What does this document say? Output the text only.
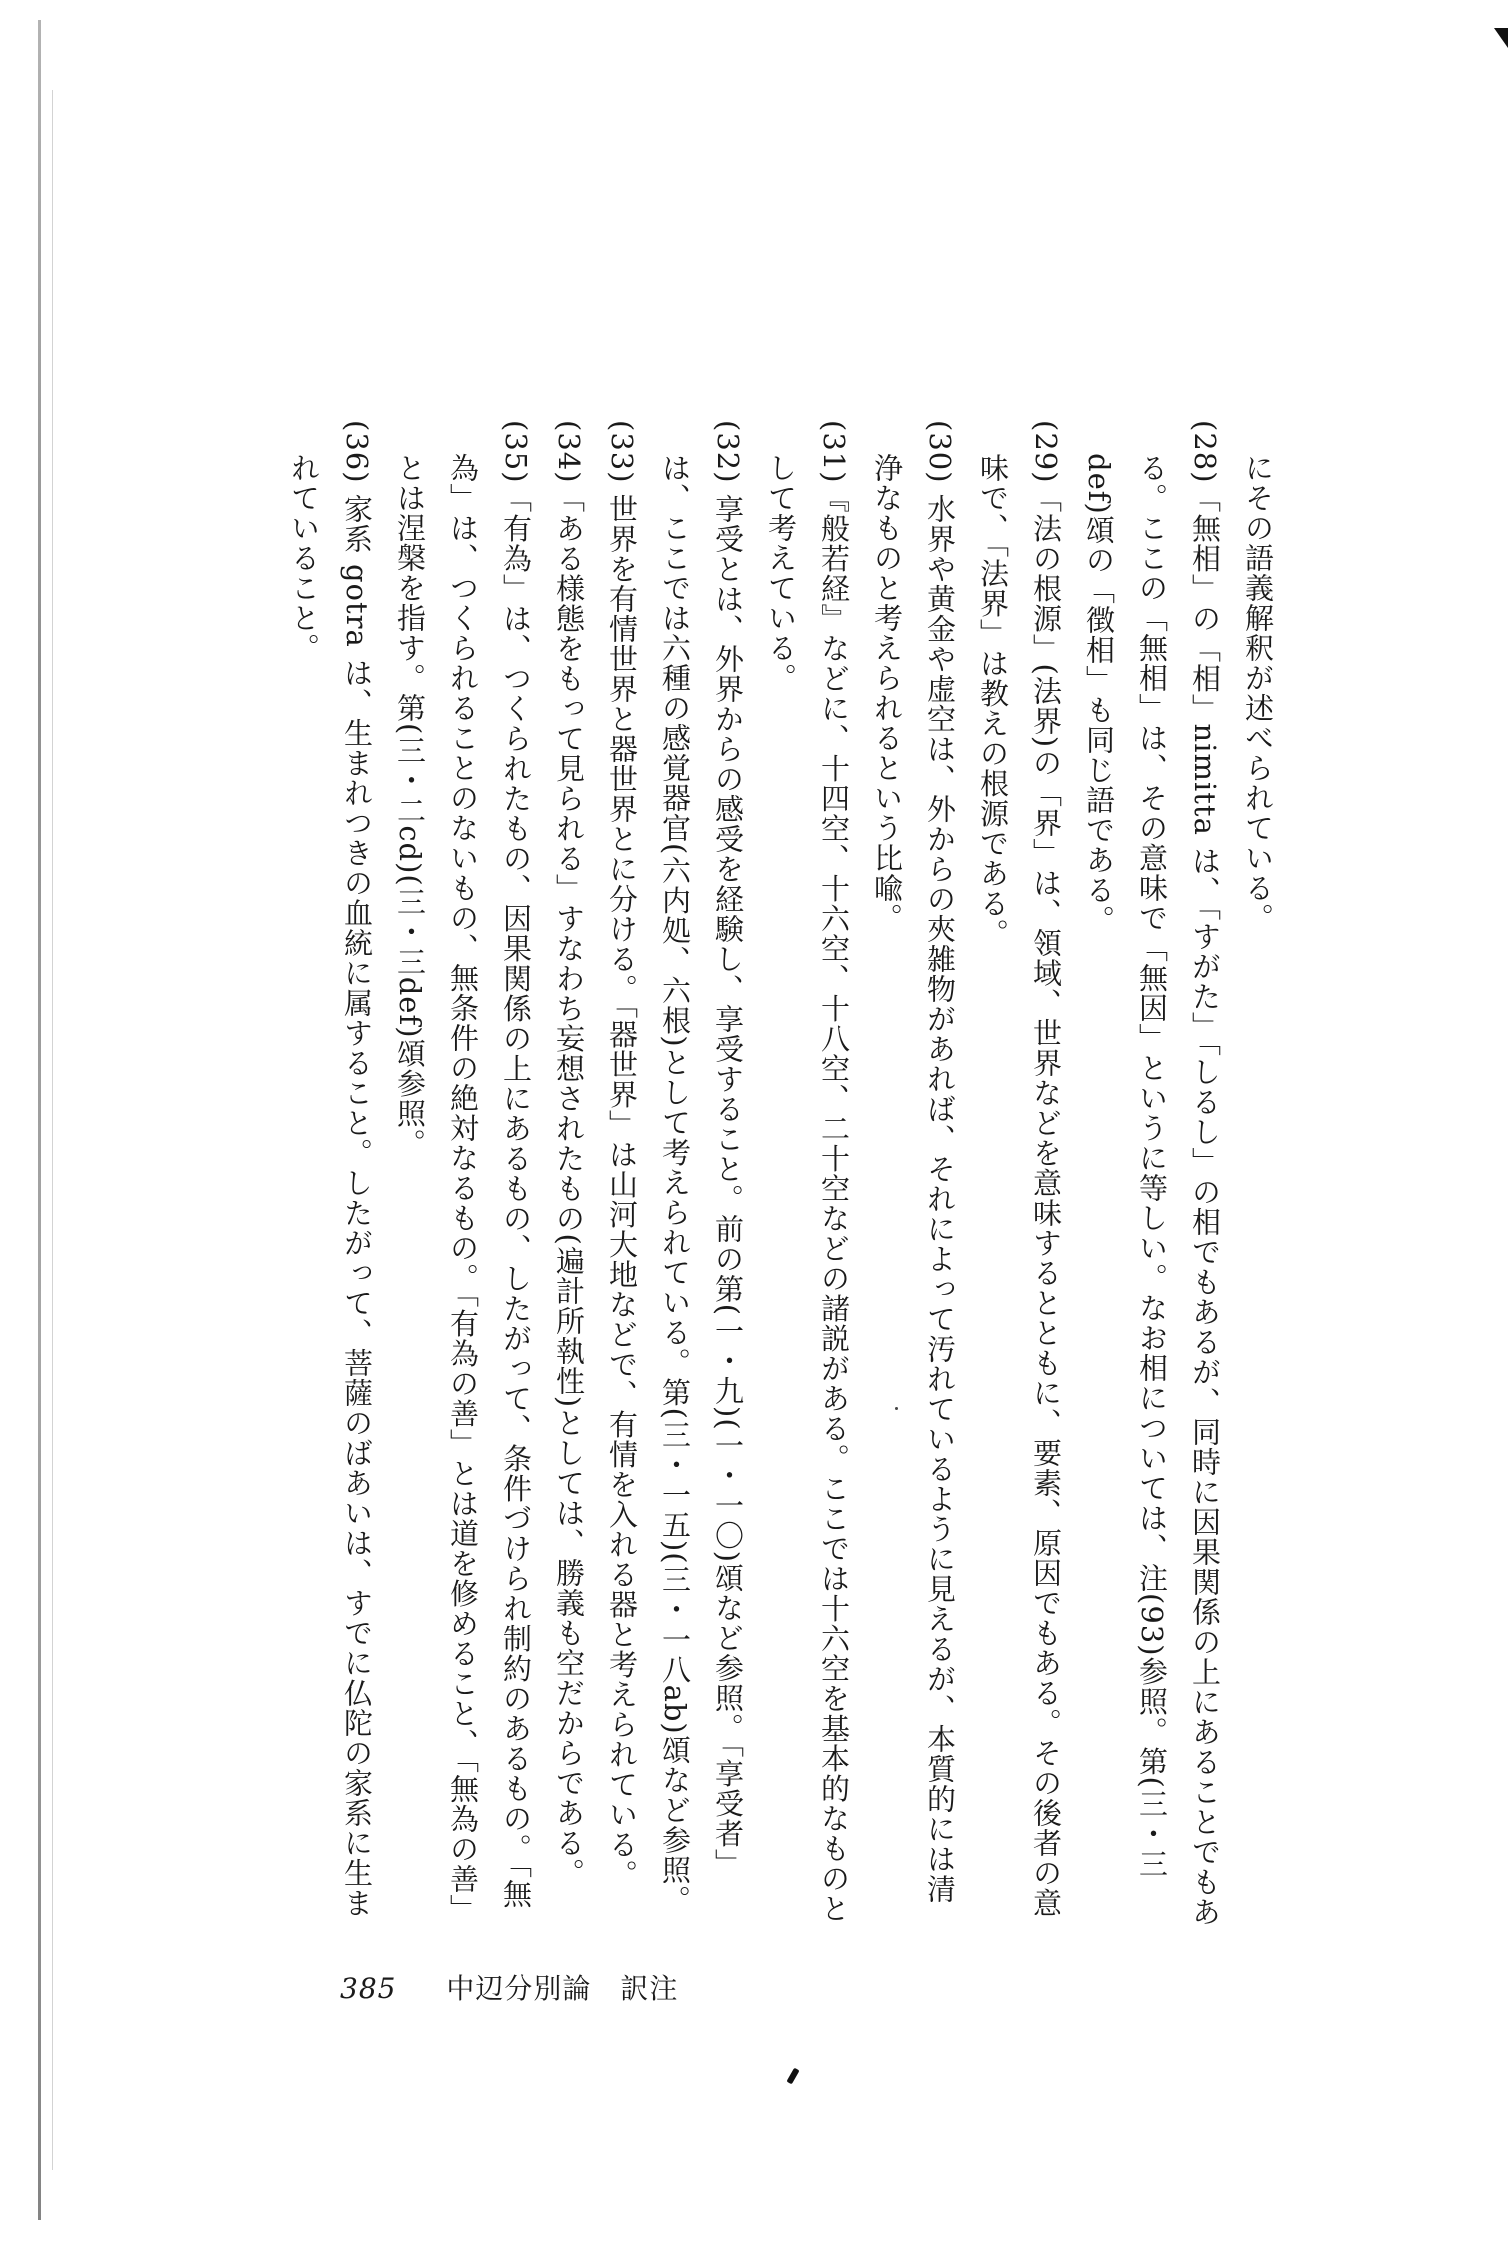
にその語義解釈が述べられている。

(28)「無相」の「相」nimitta は、「すがた」「しるし」の相でもあるが、同時に因果関係の上にあることでもある。ここの「無相」は、その意味で「無因」というに等しい。なお相については、注(93)参照。第(三・三def)頌の「徴相」も同じ語である。

(29)「法の根源」(法界)の「界」は、領域、世界などを意味するとともに、要素、原因でもある。その後者の意味で、「法界」は教えの根源である。

(30) 水界や黄金や虚空は、外からの夾雑物があれば、それによって汚れているように見えるが、本質的には清浄なものと考えられるという比喩。

(31)『般若経』などに、十四空、十六空、十八空、二十空などの諸説がある。ここでは十六空を基本的なものとして考えている。

(32) 享受とは、外界からの感受を経験し、享受すること。前の第(一・九)(一・一〇)頌など参照。「享受者」は、ここでは六種の感覚器官(六内処、六根)として考えられている。第(三・一五)(三・一八ab)頌など参照。

(33) 世界を有情世界と器世界とに分ける。「器世界」は山河大地などで、有情を入れる器と考えられている。

(34)「ある様態をもって見られる」すなわち妄想されたもの(遍計所執性)としては、勝義も空だからである。

(35)「有為」は、つくられたもの、因果関係の上にあるもの、したがって、条件づけられ制約のあるもの。「無為」は、つくられることのないもの、無条件の絶対なるもの。「有為の善」とは道を修めること、「無為の善」とは涅槃を指す。第(三・二cd)(三・三def)頌参照。

(36) 家系 gotra は、生まれつきの血統に属すること。したがって、菩薩のばあいは、すでに仏陀の家系に生まれていること。

385 中辺分別論　訳注
